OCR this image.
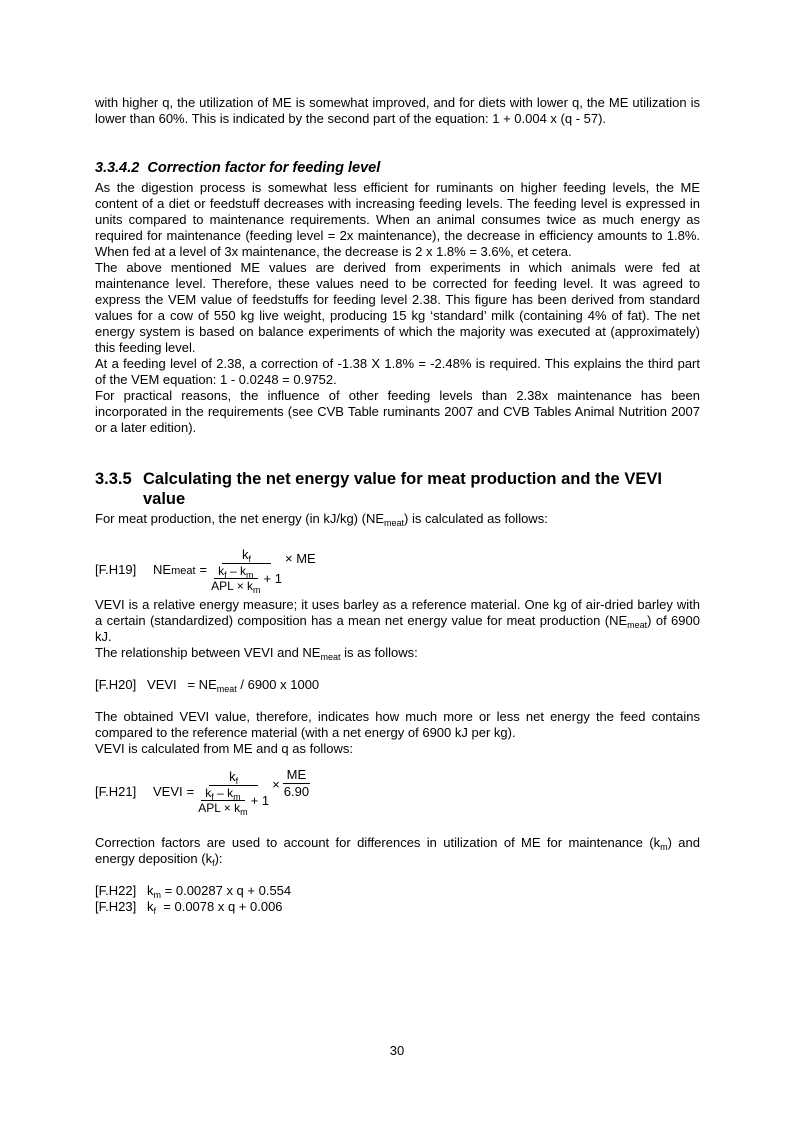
with higher q, the utilization of ME is somewhat improved, and for diets with lower q, the ME utilization is lower than 60%. This is indicated by the second part of the equation: 1 + 0.004 x (q - 57).

3.3.4.2 Correction factor for feeding level

As the digestion process is somewhat less efficient for ruminants on higher feeding levels, the ME content of a diet or feedstuff decreases with increasing feeding levels. The feeding level is expressed in units compared to maintenance requirements. When an animal consumes twice as much energy as required for maintenance (feeding level = 2x maintenance), the decrease in efficiency amounts to 1.8%. When fed at a level of 3x maintenance, the decrease is 2 x 1.8% = 3.6%, et cetera.

The above mentioned ME values are derived from experiments in which animals were fed at maintenance level. Therefore, these values need to be corrected for feeding level. It was agreed to express the VEM value of feedstuffs for feeding level 2.38. This figure has been derived from standard values for a cow of 550 kg live weight, producing 15 kg ‘standard’ milk (containing 4% of fat). The net energy system is based on balance experiments of which the majority was executed at (approximately) this feeding level.

At a feeding level of 2.38, a correction of -1.38 X 1.8% = -2.48% is required. This explains the third part of the VEM equation: 1 - 0.0248 = 0.9752.

For practical reasons, the influence of other feeding levels than 2.38x maintenance has been incorporated in the requirements (see CVB Table ruminants 2007 and CVB Tables Animal Nutrition 2007 or a later edition).

3.3.5 Calculating the net energy value for meat production and the VEVI value

For meat production, the net energy (in kJ/kg) $(NE_{meat})$ is calculated as follows:

[F.H19]	NEmeat = $\frac{k_f}{\frac{k_f - k_m}{APL \times k_m} + 1}$ × ME

VEVI is a relative energy measure; it uses barley as a reference material. One kg of air-dried barley with a certain (standardized) composition has a mean net energy value for meat production $(NE_{meat})$ of 6900 kJ.

The relationship between VEVI and $NE_{meat}$ is as follows:

[F.H20]   VEVI   = $NE_{meat} / 6900$ x 1000

The obtained VEVI value, therefore, indicates how much more or less net energy the feed contains compared to the reference material (with a net energy of 6900 kJ per kg).

VEVI is calculated from ME and q as follows:

[F.H21]	VEVI = $\frac{k_f}{\frac{k_f - k_m}{APL \times k_m} + 1} \times \frac{ME}{6.90}$

Correction factors are used to account for differences in utilization of ME for maintenance $(k_m)$ and energy deposition $(k_f)$:

[F.H22]   $k_m = 0.00287$ x q + 0.554

[F.H23]   $k_f = 0.0078$ x q + 0.006

30
